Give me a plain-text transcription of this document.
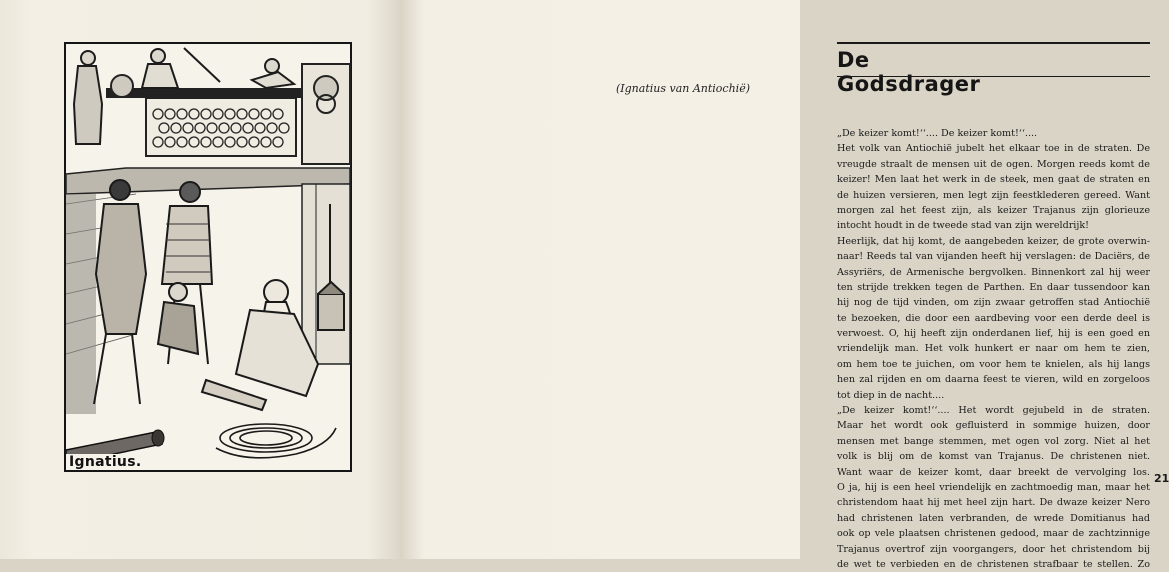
Ignatius.
De Godsdrager

(Ignatius van Antiochië)

„De keizer komt!‘‘.... De keizer komt!‘‘....
Het volk van Antiochië jubelt het elkaar toe in de straten. De
vreugde straalt de mensen uit de ogen. Morgen reeds komt de
keizer! Men laat het werk in de steek, men gaat de straten en
de huizen versieren, men legt zijn feestklederen gereed. Want
morgen zal het feest zijn, als keizer Trajanus zijn glorieuze
intocht houdt in de tweede stad van zijn wereldrijk!
Heerlijk, dat hij komt, de aangebeden keizer, de grote overwin-
naar! Reeds tal van vijanden heeft hij verslagen: de Daciërs, de
Assyriërs, de Armenische bergvolken. Binnenkort zal hij weer
ten strijde trekken tegen de Parthen. En daar tussendoor kan
hij nog de tijd vinden, om zijn zwaar getroffen stad Antiochië
te bezoeken, die door een aardbeving voor een derde deel is
verwoest. O, hij heeft zijn onderdanen lief, hij is een goed en
vriendelijk man. Het volk hunkert er naar om hem te zien,
om hem toe te juichen, om voor hem te knielen, als hij langs
hen zal rijden en om daarna feest te vieren, wild en zorgeloos
tot diep in de nacht....
„De keizer komt!‘‘.... Het wordt gejubeld in de straten.
Maar het wordt ook gefluisterd in sommige huizen, door
mensen met bange stemmen, met ogen vol zorg. Niet al het
volk is blij om de komst van Trajanus. De christenen niet.
Want waar de keizer komt, daar breekt de vervolging los.
O ja, hij is een heel vriendelijk en zachtmoedig man, maar het
christendom haat hij met heel zijn hart. De dwaze keizer Nero
had christenen laten verbranden, de wrede Domitianus had
ook op vele plaatsen christenen gedood, maar de zachtzinnige
Trajanus overtrof zijn voorgangers, door het christendom bij
de wet te verbieden en de christenen strafbaar te stellen. Zo
21
